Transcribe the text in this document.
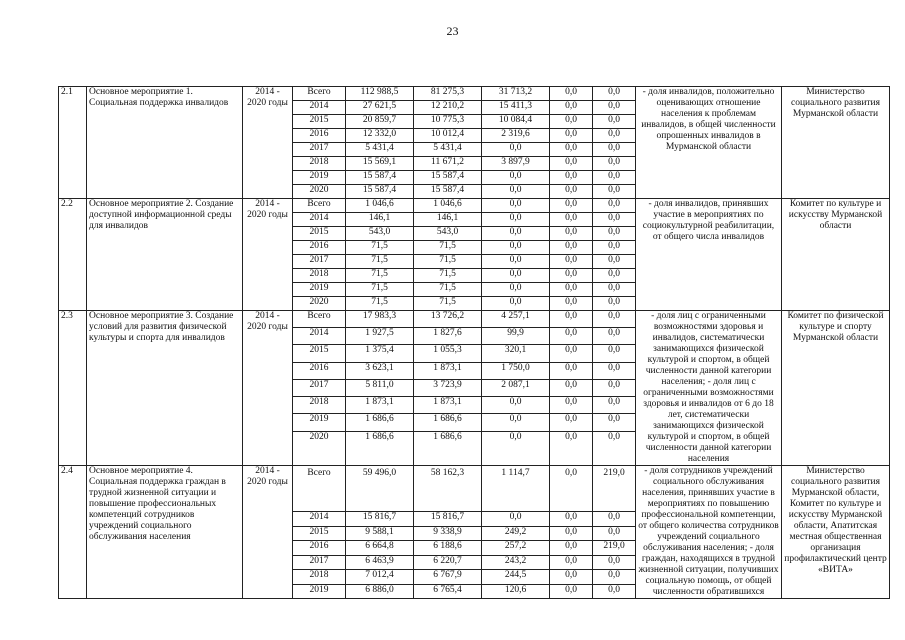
23
2.1	Основное мероприятие 1. Социальная поддержка инвалидов	2014 - 2020 годы	Всего	112 988,5	81 275,3	31 713,2	0,0	0,0	- доля инвалидов, положительно оценивающих отношение населения к проблемам инвалидов, в общей численности опрошенных инвалидов в Мурманской области	Министерство социального развития Мурманской области
			2014	27 621,5	12 210,2	15 411,3	0,0	0,0		
			2015	20 859,7	10 775,3	10 084,4	0,0	0,0		
			2016	12 332,0	10 012,4	2 319,6	0,0	0,0		
			2017	5 431,4	5 431,4	0,0	0,0	0,0		
			2018	15 569,1	11 671,2	3 897,9	0,0	0,0		
			2019	15 587,4	15 587,4	0,0	0,0	0,0		
			2020	15 587,4	15 587,4	0,0	0,0	0,0		
2.2	Основное мероприятие 2. Создание доступной информационной среды для инвалидов	2014 - 2020 годы	Всего	1 046,6	1 046,6	0,0	0,0	0,0	- доля инвалидов, принявших участие в мероприятиях по социокультурной реабилитации, от общего числа инвалидов	Комитет по культуре и искусству Мурманской области
			2014	146,1	146,1	0,0	0,0	0,0		
			2015	543,0	543,0	0,0	0,0	0,0		
			2016	71,5	71,5	0,0	0,0	0,0		
			2017	71,5	71,5	0,0	0,0	0,0		
			2018	71,5	71,5	0,0	0,0	0,0		
			2019	71,5	71,5	0,0	0,0	0,0		
			2020	71,5	71,5	0,0	0,0	0,0		
2.3	Основное мероприятие 3. Создание условий для развития физической культуры и спорта для инвалидов	2014 - 2020 годы	Всего	17 983,3	13 726,2	4 257,1	0,0	0,0	- доля лиц с ограниченными возможностями здоровья и инвалидов, систематически занимающихся физической культурой и спортом, в общей численности данной категории населения; - доля лиц с ограниченными возможностями здоровья и инвалидов от 6 до 18 лет, систематически занимающихся физической культурой и спортом, в общей численности данной категории населения	Комитет по физической культуре и спорту Мурманской области
			2014	1 927,5	1 827,6	99,9	0,0	0,0		
			2015	1 375,4	1 055,3	320,1	0,0	0,0		
			2016	3 623,1	1 873,1	1 750,0	0,0	0,0		
			2017	5 811,0	3 723,9	2 087,1	0,0	0,0		
			2018	1 873,1	1 873,1	0,0	0,0	0,0		
			2019	1 686,6	1 686,6	0,0	0,0	0,0		
			2020	1 686,6	1 686,6	0,0	0,0	0,0		
2.4	Основное мероприятие 4. Социальная поддержка граждан в трудной жизненной ситуации и повышение профессиональных компетенций сотрудников учреждений социального обслуживания населения	2014 - 2020 годы	Всего	59 496,0	58 162,3	1 114,7	0,0	219,0	- доля сотрудников учреждений социального обслуживания населения, принявших участие в мероприятиях по повышению профессиональной компетенции, от общего количества сотрудников учреждений социального обслуживания населения; - доля граждан, находящихся в трудной жизненной ситуации, получивших социальную помощь, от общей численности обратившихся	Министерство социального развития Мурманской области, Комитет по культуре и искусству Мурманской области, Апатитская местная общественная организация профилактический центр «ВИТА»
			2014	15 816,7	15 816,7	0,0	0,0	0,0		
			2015	9 588,1	9 338,9	249,2	0,0	0,0		
			2016	6 664,8	6 188,6	257,2	0,0	219,0		
			2017	6 463,9	6 220,7	243,2	0,0	0,0		
			2018	7 012,4	6 767,9	244,5	0,0	0,0		
			2019	6 886,0	6 765,4	120,6	0,0	0,0		
